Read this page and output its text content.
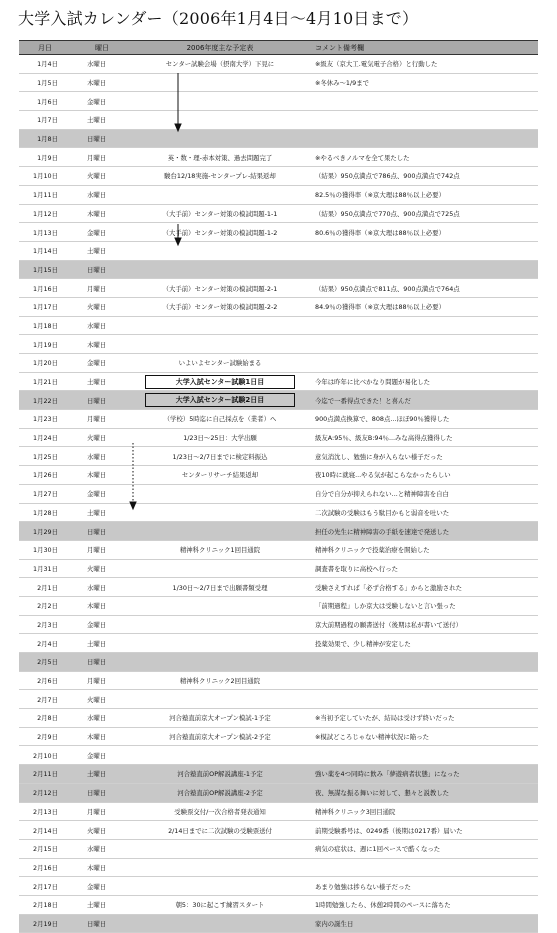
大学入試カレンダー（2006年1月4日～4月10日まで）
月日	曜日	2006年度主な予定表	コメント備考欄
1月4日	水曜日	センター試験会場（摂南大学）下見に	※級友（京大工.電気電子合格）と行動した
1月5日	木曜日		※冬休み～1/9まで
1月6日	金曜日		
1月7日	土曜日		
1月8日	日曜日		
1月9日	月曜日	英・数・理-赤本対策、過去問題完了	※やるべきノルマを全て果たした
1月10日	火曜日	駿台12/18実施-センタープレ-結果返却	（結果）950点満点で786点、900点満点で742点
1月11日	水曜日		82.5％の獲得率（※京大理は88％以上必要）
1月12日	木曜日	（大手前）センター対策の模試問題-1-1	（結果）950点満点で770点、900点満点で725点
1月13日	金曜日	（大手前）センター対策の模試問題-1-2	80.6％の獲得率（※京大理は88％以上必要）
1月14日	土曜日		
1月15日	日曜日		
1月16日	月曜日	（大手前）センター対策の模試問題-2-1	（結果）950点満点で811点、900点満点で764点
1月17日	火曜日	（大手前）センター対策の模試問題-2-2	84.9％の獲得率（※京大理は88％以上必要）
1月18日	水曜日		
1月19日	木曜日		
1月20日	金曜日	いよいよセンター試験始まる	
1月21日	土曜日	大学入試センター試験1日目	今年は昨年に比べかなり問題が易化した
1月22日	日曜日	大学入試センター試験2日目	今迄で一番得点できた！と喜んだ
1月23日	月曜日	（学校）5時迄に自己採点を（業者）へ	900点満点換算で、808点...ほぼ90％獲得した
1月24日	火曜日	1/23日～25日：大学出願	級友A:95％、級友B:94％...みな高得点獲得した
1月25日	水曜日	1/23日～2/7日までに検定料振込	意気消沈し、勉強に身が入らない様子だった
1月26日	木曜日	センターリサーチ結果返却	夜10時に就寝...やる気が起こらなかったらしい
1月27日	金曜日		自分で自分が抑えられない...と精神障害を自白
1月28日	土曜日		二次試験の受験はもう駄目かもと弱音を吐いた
1月29日	日曜日		担任の先生に精神障害の手紙を速達で発送した
1月30日	月曜日	精神科クリニック1回目通院	精神科クリニックで投薬治療を開始した
1月31日	火曜日		調査書を取りに高校へ行った
2月1日	水曜日	1/30日～2/7日まで出願書類受理	受験さえすれば「必ず合格する」からと激励された
2月2日	木曜日		「前期過程」しか京大は受験しないと言い張った
2月3日	金曜日		京大前期過程の願書送付（後期は私が書いて送付）
2月4日	土曜日		投薬効果で、少し精神が安定した
2月5日	日曜日		
2月6日	月曜日	精神科クリニック2回目通院	
2月7日	火曜日		
2月8日	水曜日	河合塾直前京大オープン模試-1予定	※当初予定していたが、結局は受けず終いだった
2月9日	木曜日	河合塾直前京大オープン模試-2予定	※模試どころじゃない精神状況に陥った
2月10日	金曜日		
2月11日	土曜日	河合塾直前OP解説講座-1予定	強い薬を4つ同時に飲み「夢遊病者状態」になった
2月12日	日曜日	河合塾直前OP解説講座-2予定	夜、無謀な振る舞いに対して、懇々と説教した
2月13日	月曜日	受験票交付/一次合格者発表通知	精神科クリニック3回目通院
2月14日	火曜日	2/14日までに二次試験の受験票送付	前期受験番号は、0249番（後期は0217番）届いた
2月15日	水曜日		病気の症状は、週に1回ペースで酷くなった
2月16日	木曜日		
2月17日	金曜日		あまり勉強は捗らない様子だった
2月18日	土曜日	朝5：30に起こす練習スタート	1時間勉強したら、休憩2時間のペースに落ちた
2月19日	日曜日		家内の誕生日
